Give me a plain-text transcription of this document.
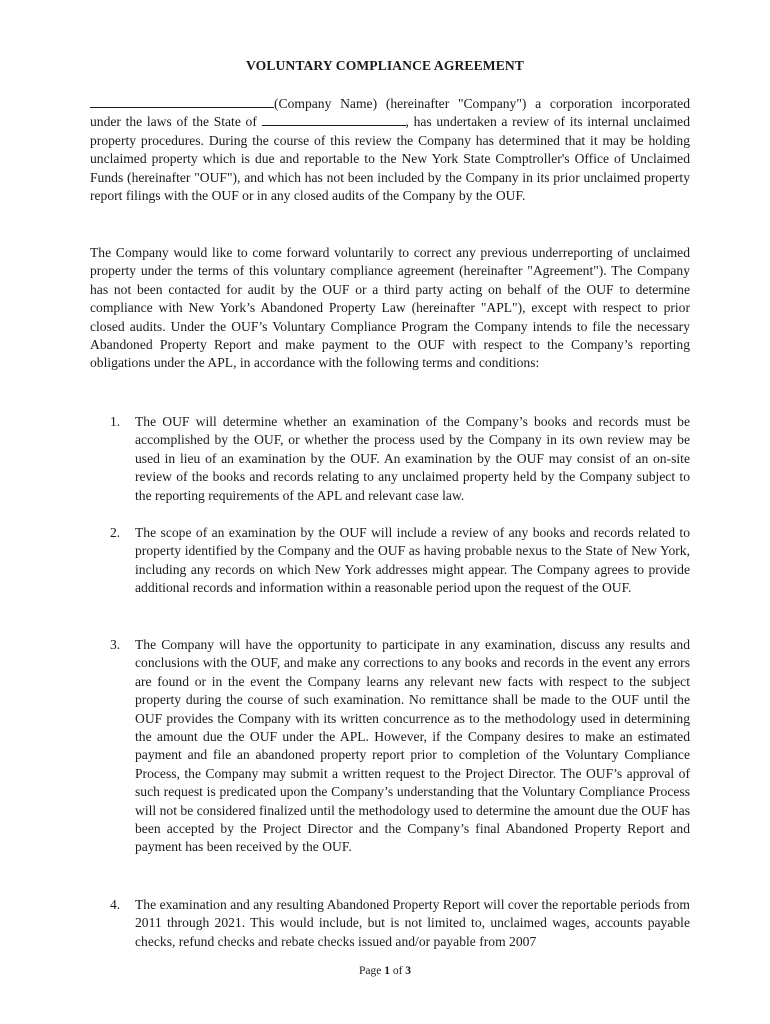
VOLUNTARY COMPLIANCE AGREEMENT

(Company Name) (hereinafter "Company") a corporation incorporated under the laws of the State of	, has undertaken a review of its internal unclaimed property procedures. During the course of this review the Company has determined that it may be holding unclaimed property which is due and reportable to the New York State Comptroller's Office of Unclaimed Funds (hereinafter "OUF"), and which has not been included by the Company in its prior unclaimed property report filings with the OUF or in any closed audits of the Company by the OUF.

The Company would like to come forward voluntarily to correct any previous underreporting of unclaimed property under the terms of this voluntary compliance agreement (hereinafter "Agreement"). The Company has not been contacted for audit by the OUF or a third party acting on behalf of the OUF to determine compliance with New York’s Abandoned Property Law (hereinafter "APL"), except with respect to prior closed audits. Under the OUF’s Voluntary Compliance Program the Company intends to file the necessary Abandoned Property Report and make payment to the OUF with respect to the Company’s reporting obligations under the APL, in accordance with the following terms and conditions:

1. The OUF will determine whether an examination of the Company’s books and records must be accomplished by the OUF, or whether the process used by the Company in its own review may be used in lieu of an examination by the OUF. An examination by the OUF may consist of an on-site review of the books and records relating to any unclaimed property held by the Company subject to the reporting requirements of the APL and relevant case law.

2. The scope of an examination by the OUF will include a review of any books and records related to property identified by the Company and the OUF as having probable nexus to the State of New York, including any records on which New York addresses might appear. The Company agrees to provide additional records and information within a reasonable period upon the request of the OUF.

3. The Company will have the opportunity to participate in any examination, discuss any results and conclusions with the OUF, and make any corrections to any books and records in the event any errors are found or in the event the Company learns any relevant new facts with respect to the subject property during the course of such examination. No remittance shall be made to the OUF until the OUF provides the Company with its written concurrence as to the methodology used in determining the amount due the OUF under the APL. However, if the Company desires to make an estimated payment and file an abandoned property report prior to completion of the Voluntary Compliance Process, the Company may submit a written request to the Project Director. The OUF’s approval of such request is predicated upon the Company’s understanding that the Voluntary Compliance Process will not be considered finalized until the methodology used to determine the amount due the OUF has been accepted by the Project Director and the Company’s final Abandoned Property Report and payment has been received by the OUF.

4. The examination and any resulting Abandoned Property Report will cover the reportable periods from 2011 through 2021. This would include, but is not limited to, unclaimed wages, accounts payable checks, refund checks and rebate checks issued and/or payable from 2007

Page 1 of 3
